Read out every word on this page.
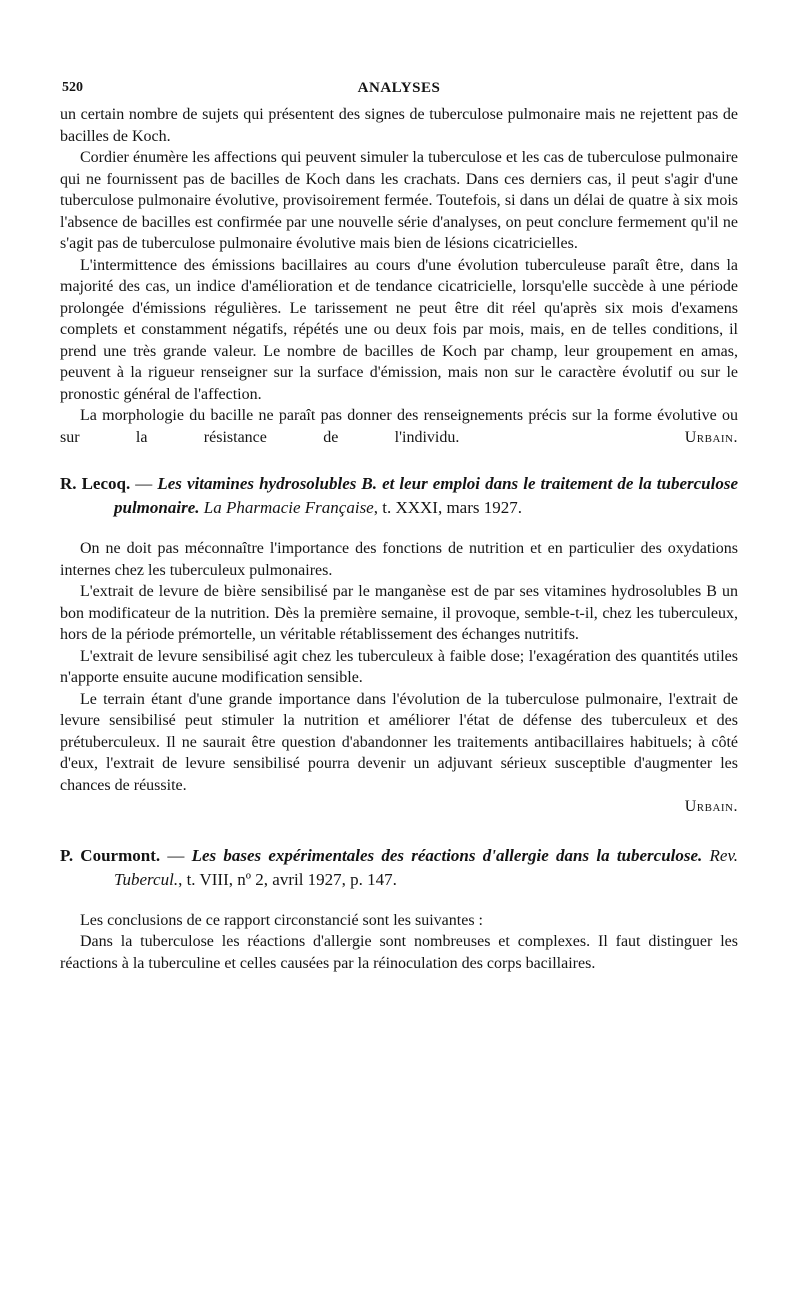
520	ANALYSES

un certain nombre de sujets qui présentent des signes de tuberculose pulmonaire mais ne rejettent pas de bacilles de Koch.

Cordier énumère les affections qui peuvent simuler la tuberculose et les cas de tuberculose pulmonaire qui ne fournissent pas de bacilles de Koch dans les crachats. Dans ces derniers cas, il peut s'agir d'une tuberculose pulmonaire évolutive, provisoirement fermée. Toutefois, si dans un délai de quatre à six mois l'absence de bacilles est confirmée par une nouvelle série d'analyses, on peut conclure fermement qu'il ne s'agit pas de tuberculose pulmonaire évolutive mais bien de lésions cicatricielles.

L'intermittence des émissions bacillaires au cours d'une évolution tuberculeuse paraît être, dans la majorité des cas, un indice d'amélioration et de tendance cicatricielle, lorsqu'elle succède à une période prolongée d'émissions régulières. Le tarissement ne peut être dit réel qu'après six mois d'examens complets et constamment négatifs, répétés une ou deux fois par mois, mais, en de telles conditions, il prend une très grande valeur. Le nombre de bacilles de Koch par champ, leur groupement en amas, peuvent à la rigueur renseigner sur la surface d'émission, mais non sur le caractère évolutif ou sur le pronostic général de l'affection.

La morphologie du bacille ne paraît pas donner des renseignements précis sur la forme évolutive ou sur la résistance de l'individu.	Urbain.

R. Lecoq. — Les vitamines hydrosolubles B. et leur emploi dans le traitement de la tuberculose pulmonaire. La Pharmacie Française, t. XXXI, mars 1927.

On ne doit pas méconnaître l'importance des fonctions de nutrition et en particulier des oxydations internes chez les tuberculeux pulmonaires.

L'extrait de levure de bière sensibilisé par le manganèse est de par ses vitamines hydrosolubles B un bon modificateur de la nutrition. Dès la première semaine, il provoque, semble-t-il, chez les tuberculeux, hors de la période prémortelle, un véritable rétablissement des échanges nutritifs.

L'extrait de levure sensibilisé agit chez les tuberculeux à faible dose; l'exagération des quantités utiles n'apporte ensuite aucune modification sensible.

Le terrain étant d'une grande importance dans l'évolution de la tuberculose pulmonaire, l'extrait de levure sensibilisé peut stimuler la nutrition et améliorer l'état de défense des tuberculeux et des prétuberculeux. Il ne saurait être question d'abandonner les traitements antibacillaires habituels; à côté d'eux, l'extrait de levure sensibilisé pourra devenir un adjuvant sérieux susceptible d'augmenter les chances de réussite.

Urbain.

P. Courmont. — Les bases expérimentales des réactions d'allergie dans la tuberculose. Rev. Tubercul., t. VIII, nº 2, avril 1927, p. 147.

Les conclusions de ce rapport circonstancié sont les suivantes :

Dans la tuberculose les réactions d'allergie sont nombreuses et complexes. Il faut distinguer les réactions à la tuberculine et celles causées par la réinoculation des corps bacillaires.
